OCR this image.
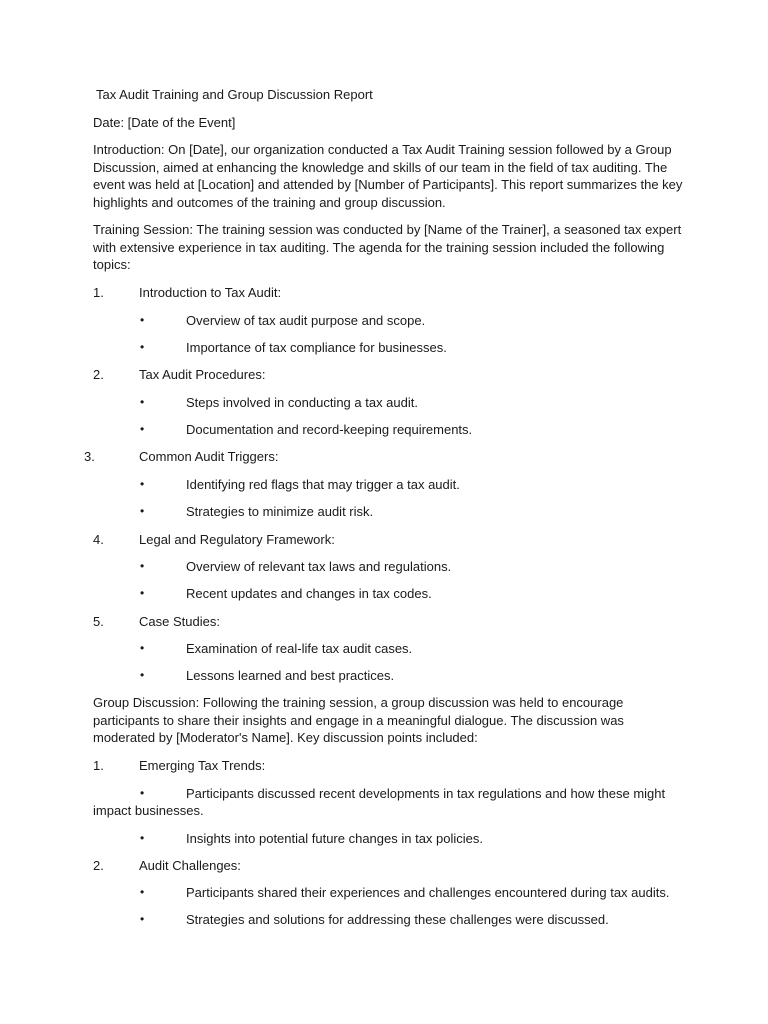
Tax Audit Training and Group Discussion Report
Date: [Date of the Event]
Introduction: On [Date], our organization conducted a Tax Audit Training session followed by a Group Discussion, aimed at enhancing the knowledge and skills of our team in the field of tax auditing. The event was held at [Location] and attended by [Number of Participants]. This report summarizes the key highlights and outcomes of the training and group discussion.
Training Session: The training session was conducted by [Name of the Trainer], a seasoned tax expert with extensive experience in tax auditing. The agenda for the training session included the following topics:
1.	Introduction to Tax Audit:
•	Overview of tax audit purpose and scope.
•	Importance of tax compliance for businesses.
2.	Tax Audit Procedures:
•	Steps involved in conducting a tax audit.
•	Documentation and record-keeping requirements.
3.	Common Audit Triggers:
•	Identifying red flags that may trigger a tax audit.
•	Strategies to minimize audit risk.
4.	Legal and Regulatory Framework:
•	Overview of relevant tax laws and regulations.
•	Recent updates and changes in tax codes.
5.	Case Studies:
•	Examination of real-life tax audit cases.
•	Lessons learned and best practices.
Group Discussion: Following the training session, a group discussion was held to encourage participants to share their insights and engage in a meaningful dialogue. The discussion was moderated by [Moderator's Name]. Key discussion points included:
1.	Emerging Tax Trends:
•	Participants discussed recent developments in tax regulations and how these might
impact businesses.
•	Insights into potential future changes in tax policies.
2.	Audit Challenges:
•	Participants shared their experiences and challenges encountered during tax audits.
•	Strategies and solutions for addressing these challenges were discussed.
